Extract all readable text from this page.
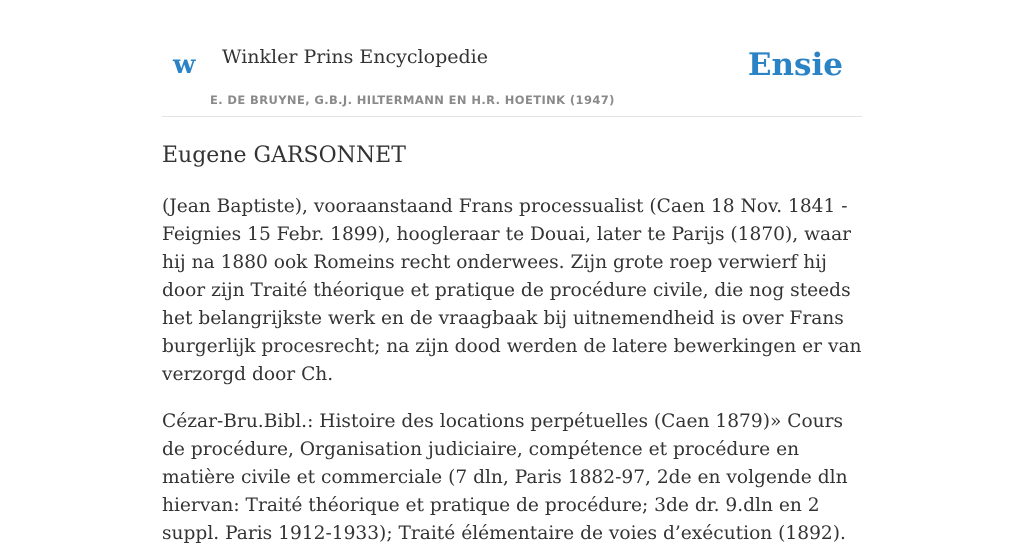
w Winkler Prins Encyclopedie
E. DE BRUYNE, G.B.J. HILTERMANN EN H.R. HOETINK (1947)
Ensie
Eugene GARSONNET

(Jean Baptiste), vooraanstaand Frans processualist (Caen 18 Nov. 1841 - Feignies 15 Febr. 1899), hoogleraar te Douai, later te Parijs (1870), waar hij na 1880 ook Romeins recht onderwees. Zijn grote roep verwierf hij door zijn Traité théorique et pratique de procédure civile, die nog steeds het belangrijkste werk en de vraagbaak bij uitnemendheid is over Frans burgerlijk procesrecht; na zijn dood werden de latere bewerkingen er van verzorgd door Ch.

Cézar-Bru.Bibl.: Histoire des locations perpétuelles (Caen 1879)» Cours de procédure, Organisation judiciaire, compétence et procédure en matière civile et commerciale (7 dln, Paris 1882-97, 2de en volgende dln hiervan: Traité théorique et pratique de procédure; 3de dr. 9.dln en 2 suppl. Paris 1912-1933); Traité élémentaire de voies d’exécution (1892).
